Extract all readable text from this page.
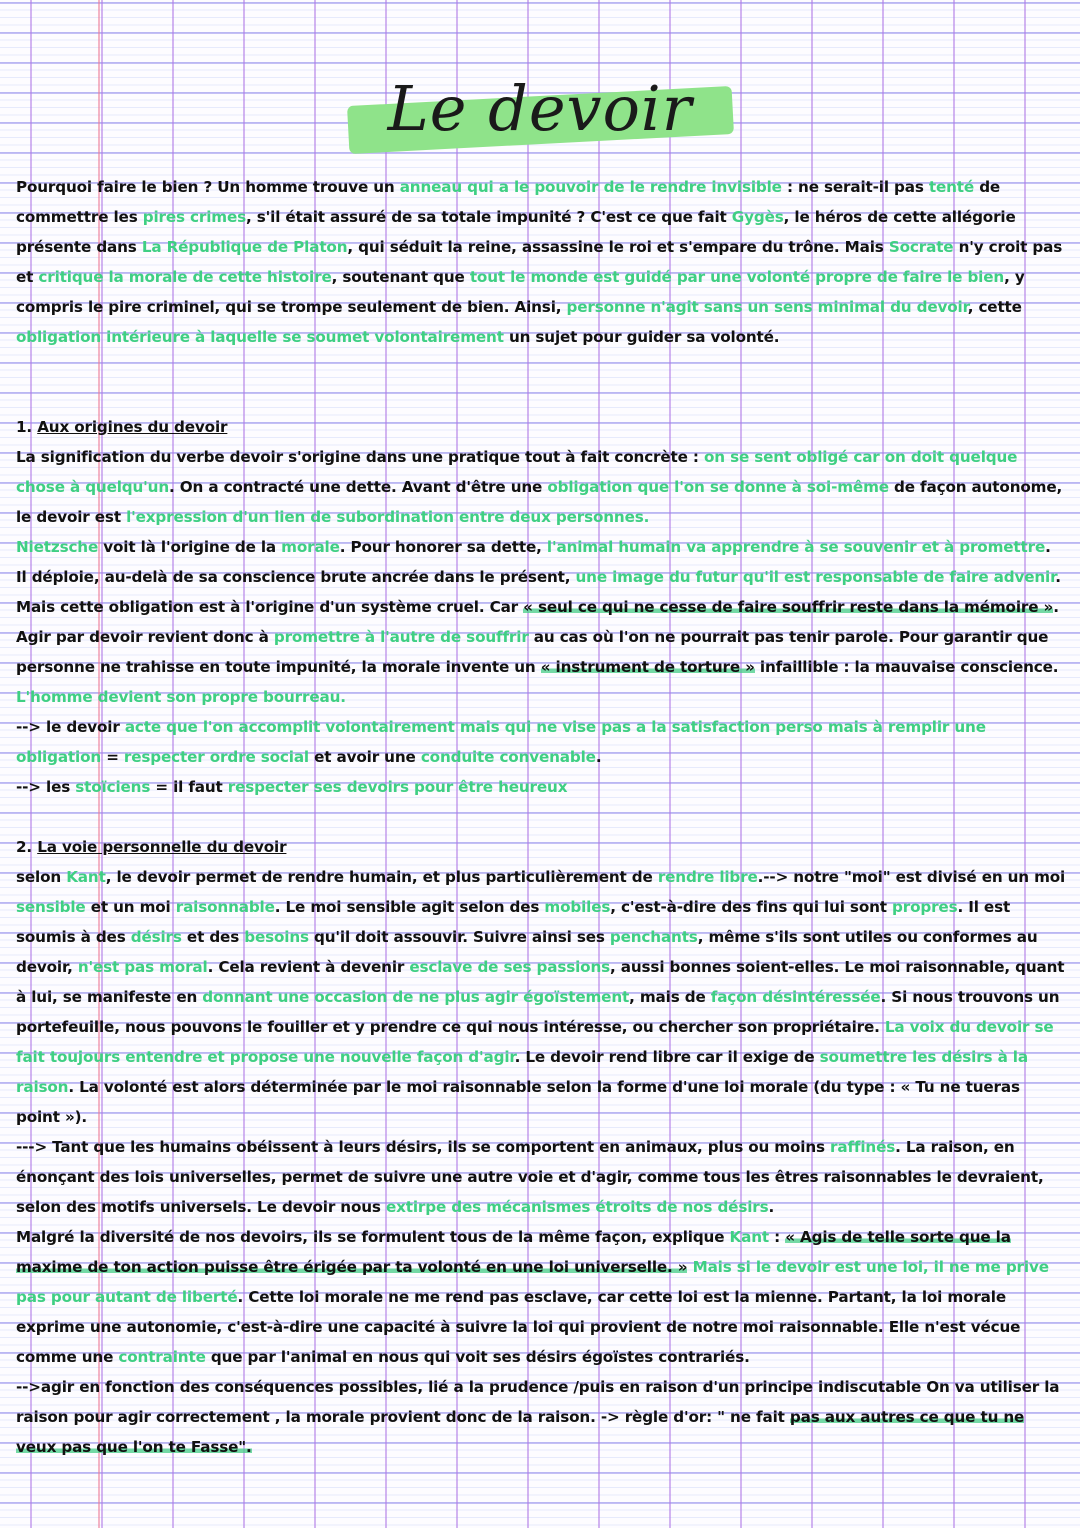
Le devoir

Pourquoi faire le bien ? Un homme trouve un anneau qui a le pouvoir de le rendre invisible : ne serait-il pas tenté de commettre les pires crimes, s'il était assuré de sa totale impunité ? C'est ce que fait Gygès, le héros de cette allégorie présente dans La République de Platon, qui séduit la reine, assassine le roi et s'empare du trône. Mais Socrate n'y croit pas et critique la morale de cette histoire, soutenant que tout le monde est guidé par une volonté propre de faire le bien, y compris le pire criminel, qui se trompe seulement de bien. Ainsi, personne n'agit sans un sens minimal du devoir, cette obligation intérieure à laquelle se soumet volontairement un sujet pour guider sa volonté.

1. Aux origines du devoir

La signification du verbe devoir s'origine dans une pratique tout à fait concrète : on se sent obligé car on doit quelque chose à quelqu'un. On a contracté une dette. Avant d'être une obligation que l'on se donne à soi-même de façon autonome, le devoir est l'expression d'un lien de subordination entre deux personnes.

Nietzsche voit là l'origine de la morale. Pour honorer sa dette, l'animal humain va apprendre à se souvenir et à promettre. Il déploie, au-delà de sa conscience brute ancrée dans le présent, une image du futur qu'il est responsable de faire advenir. Mais cette obligation est à l'origine d'un système cruel. Car « seul ce qui ne cesse de faire souffrir reste dans la mémoire ». Agir par devoir revient donc à promettre à l'autre de souffrir au cas où l'on ne pourrait pas tenir parole. Pour garantir que personne ne trahisse en toute impunité, la morale invente un « instrument de torture » infaillible : la mauvaise conscience. L'homme devient son propre bourreau.

--> le devoir acte que l'on accomplit volontairement mais qui ne vise pas a la satisfaction perso mais à remplir une obligation = respecter ordre social et avoir une conduite convenable.

--> les stoïciens = il faut respecter ses devoirs pour être heureux

2. La voie personnelle du devoir

selon Kant, le devoir permet de rendre humain, et plus particulièrement de rendre libre.--> notre "moi" est divisé en un moi sensible et un moi raisonnable. Le moi sensible agit selon des mobiles, c'est-à-dire des fins qui lui sont propres. Il est soumis à des désirs et des besoins qu'il doit assouvir. Suivre ainsi ses penchants, même s'ils sont utiles ou conformes au devoir, n'est pas moral. Cela revient à devenir esclave de ses passions, aussi bonnes soient-elles. Le moi raisonnable, quant à lui, se manifeste en donnant une occasion de ne plus agir égoïstement, mais de façon désintéressée. Si nous trouvons un portefeuille, nous pouvons le fouiller et y prendre ce qui nous intéresse, ou chercher son propriétaire. La voix du devoir se fait toujours entendre et propose une nouvelle façon d'agir. Le devoir rend libre car il exige de soumettre les désirs à la raison. La volonté est alors déterminée par le moi raisonnable selon la forme d'une loi morale (du type : « Tu ne tueras point »).

---> Tant que les humains obéissent à leurs désirs, ils se comportent en animaux, plus ou moins raffinés. La raison, en énonçant des lois universelles, permet de suivre une autre voie et d'agir, comme tous les êtres raisonnables le devraient, selon des motifs universels. Le devoir nous extirpe des mécanismes étroits de nos désirs.

Malgré la diversité de nos devoirs, ils se formulent tous de la même façon, explique Kant : « Agis de telle sorte que la maxime de ton action puisse être érigée par ta volonté en une loi universelle. » Mais si le devoir est une loi, il ne me prive pas pour autant de liberté. Cette loi morale ne me rend pas esclave, car cette loi est la mienne. Partant, la loi morale exprime une autonomie, c'est-à-dire une capacité à suivre la loi qui provient de notre moi raisonnable. Elle n'est vécue comme une contrainte que par l'animal en nous qui voit ses désirs égoïstes contrariés.

-->agir en fonction des conséquences possibles, lié a la prudence /puis en raison d'un principe indiscutable On va utiliser la raison pour agir correctement , la morale provient donc de la raison. -> règle d'or: " ne fait pas aux autres ce que tu ne veux pas que l'on te Fasse".
